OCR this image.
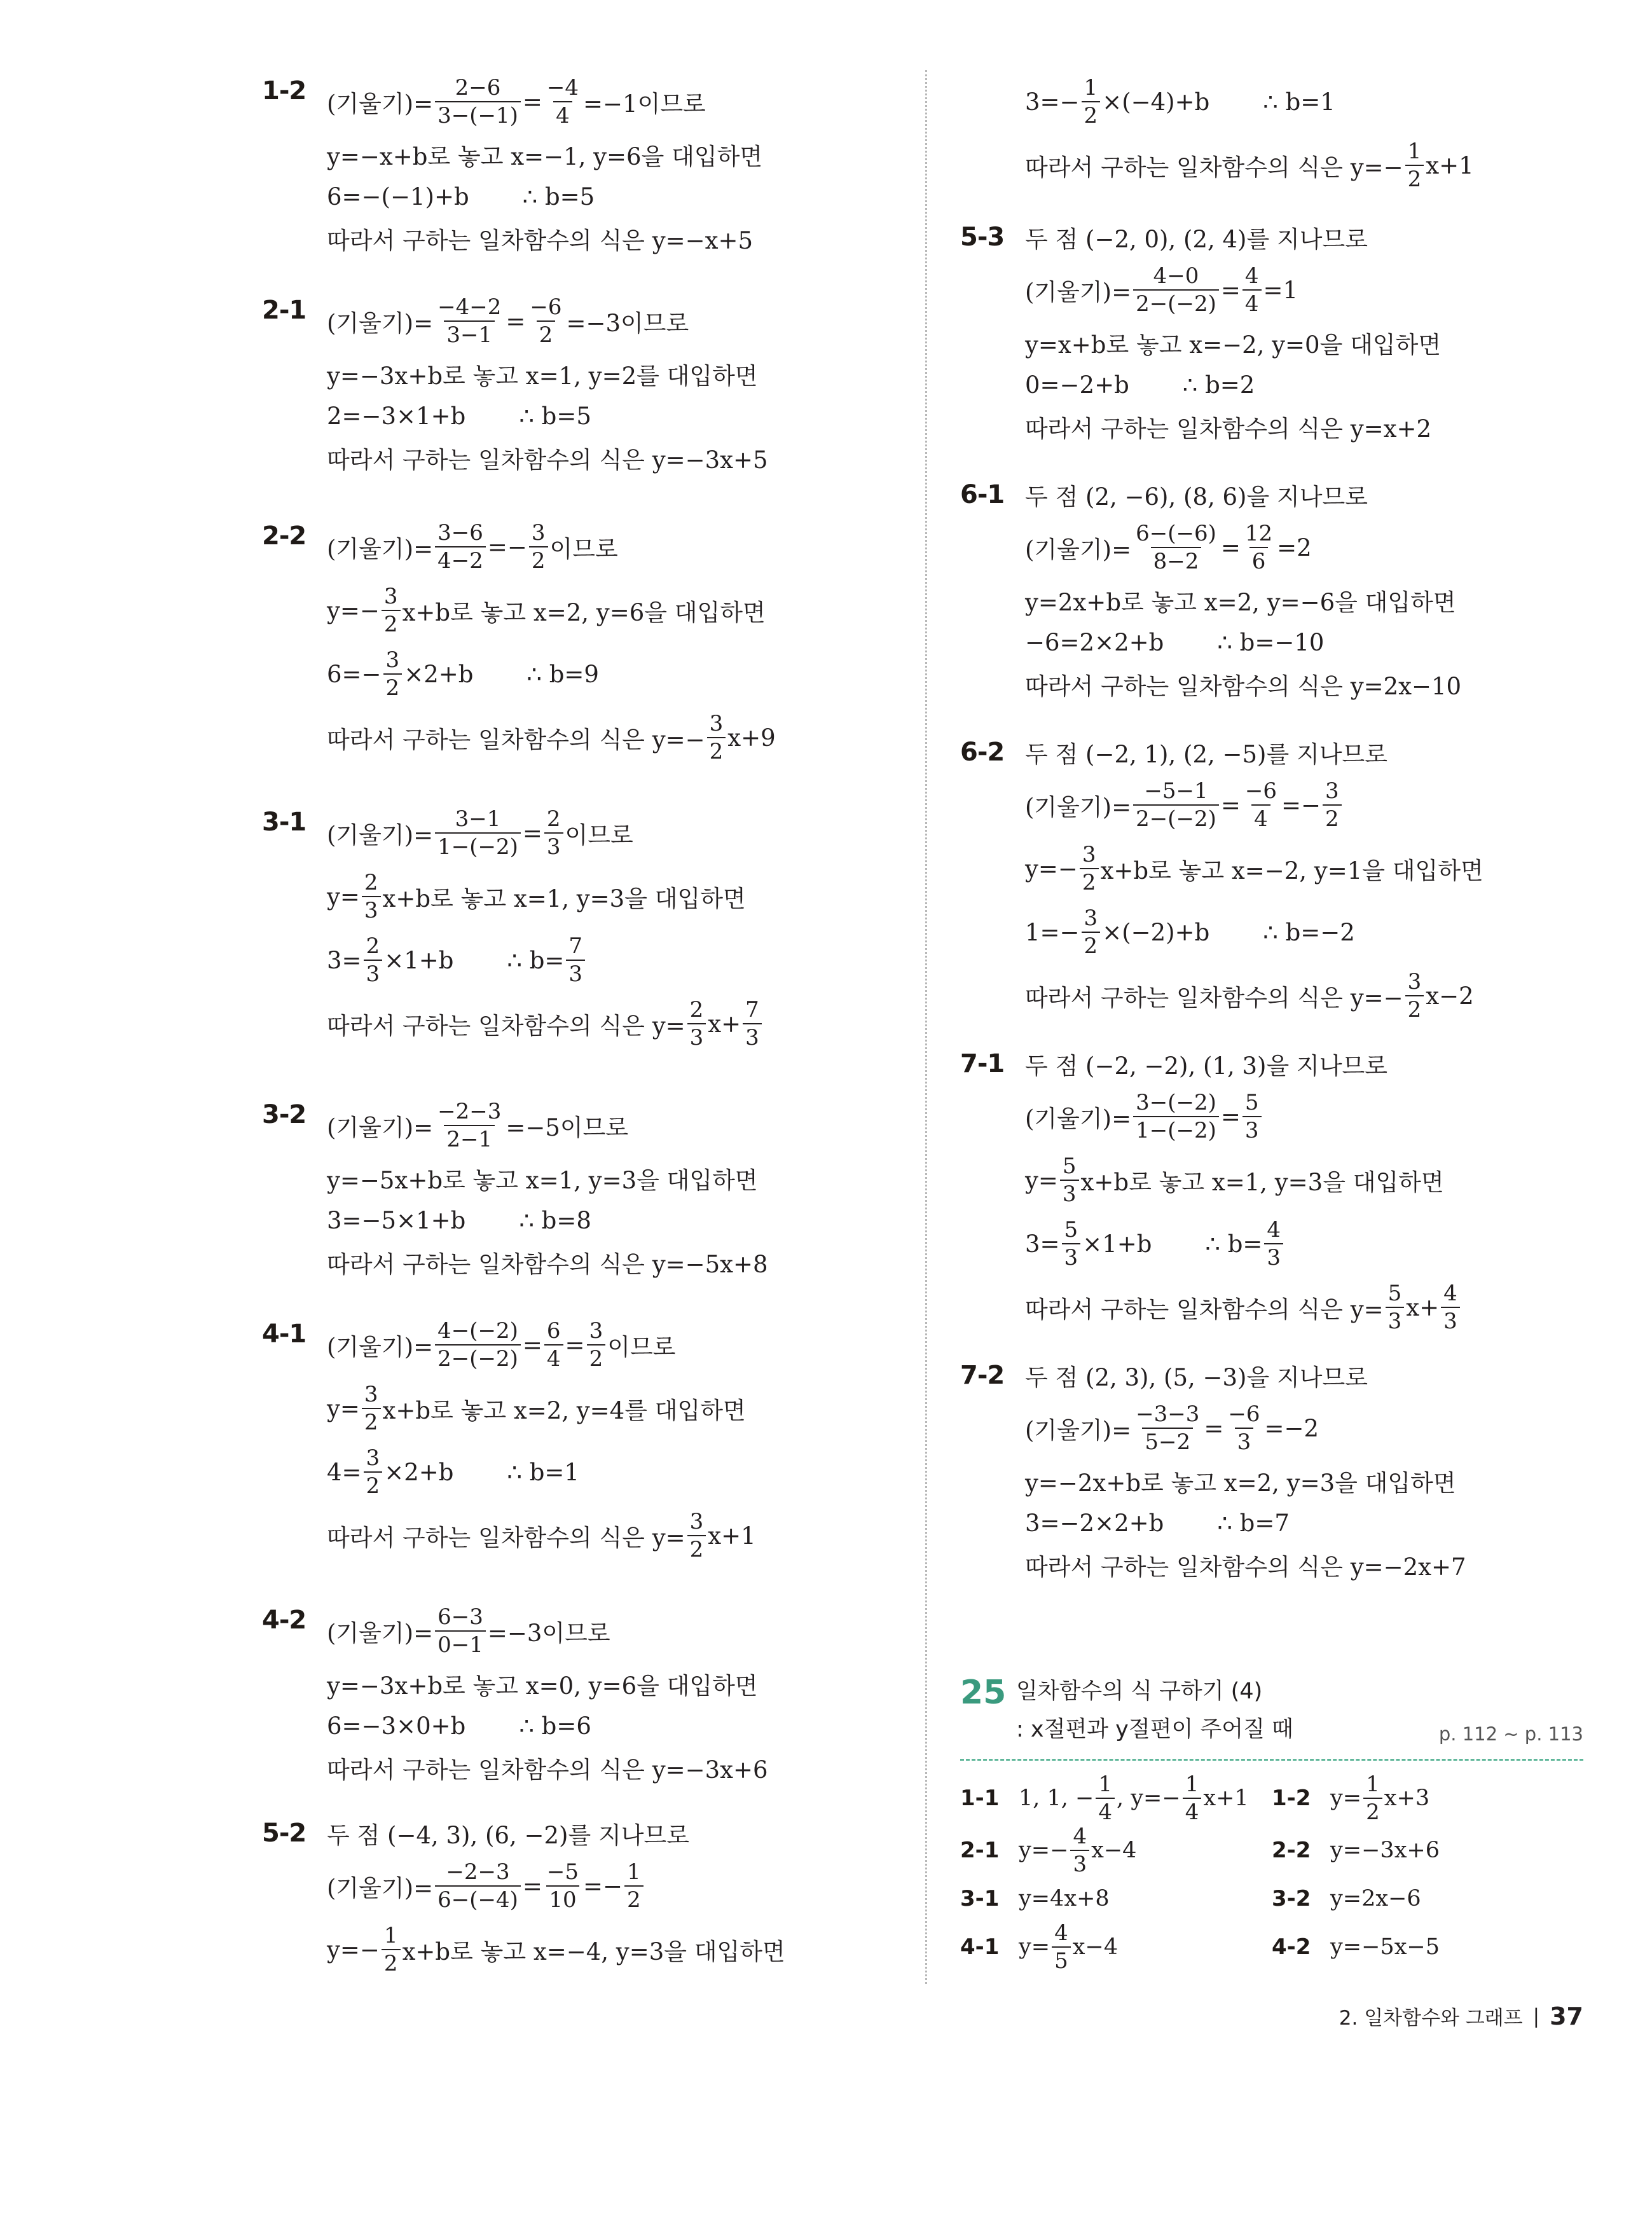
1-2 (기울기)= $\frac{2-6}{3-(-1)} = \frac{-4}{4} =-1$이므로
y=−x+b로 놓고 x=−1, y=6을 대입하면
6=−(−1)+b ∴ b=5
따라서 구하는 일차함수의 식은 y=−x+5
2-1 (기울기)= $\frac{-4-2}{3-1} = \frac{-6}{2} =-3$이므로
y=−3x+b로 놓고 x=1, y=2를 대입하면
2=−3×1+b ∴ b=5
따라서 구하는 일차함수의 식은 y=−3x+5
2-2 (기울기)= $\frac{3-6}{4-2} =- \frac{3}{2}$ 이므로
$y=- \frac{3}{2} x+b$로 놓고 x=2, y=6을 대입하면
$6=- \frac{3}{2} \times 2+b$ ∴ b=9
따라서 구하는 일차함수의 식은 $y=- \frac{3}{2} x+9$
3-1 (기울기)= $\frac{3-1}{1-(-2)} = \frac{2}{3}$ 이므로
$y= \frac{2}{3} x+b$로 놓고 x=1, y=3을 대입하면
$3= \frac{2}{3} \times 1+b$ ∴ $b= \frac{7}{3}$
따라서 구하는 일차함수의 식은 $y= \frac{2}{3} x+ \frac{7}{3}$
3-2 (기울기)= $\frac{-2-3}{2-1} =-5$이므로
y=−5x+b로 놓고 x=1, y=3을 대입하면
3=−5×1+b ∴ b=8
따라서 구하는 일차함수의 식은 y=−5x+8
4-1 (기울기)= $\frac{4-(-2)}{2-(-2)} = \frac{6}{4} = \frac{3}{2}$ 이므로
$y= \frac{3}{2} x+b$로 놓고 x=2, y=4를 대입하면
$4= \frac{3}{2} \times 2+b$ ∴ b=1
따라서 구하는 일차함수의 식은 $y= \frac{3}{2} x+1$
4-2 (기울기)= $\frac{6-3}{0-1} =-3$이므로
y=−3x+b로 놓고 x=0, y=6을 대입하면
6=−3×0+b ∴ b=6
따라서 구하는 일차함수의 식은 y=−3x+6
5-2 두 점 (−4, 3), (6, −2)를 지나므로
(기울기)= $\frac{-2-3}{6-(-4)} = \frac{-5}{10} =- \frac{1}{2}$
$y=- \frac{1}{2} x+b$로 놓고 x=−4, y=3을 대입하면
$3=- \frac{1}{2} \times(-4)+b$ ∴ b=1
따라서 구하는 일차함수의 식은 $y=- \frac{1}{2} x+1$
5-3 두 점 (−2, 0), (2, 4)를 지나므로
(기울기)= $\frac{4-0}{2-(-2)} = \frac{4}{4} =1$
y=x+b로 놓고 x=−2, y=0을 대입하면
0=−2+b ∴ b=2
따라서 구하는 일차함수의 식은 y=x+2
6-1 두 점 (2, −6), (8, 6)을 지나므로
(기울기)= $\frac{6-(-6)}{8-2} = \frac{12}{6} =2$
y=2x+b로 놓고 x=2, y=−6을 대입하면
−6=2×2+b ∴ b=−10
따라서 구하는 일차함수의 식은 y=2x−10
6-2 두 점 (−2, 1), (2, −5)를 지나므로
(기울기)= $\frac{-5-1}{2-(-2)} = \frac{-6}{4} =- \frac{3}{2}$
$y=- \frac{3}{2} x+b$로 놓고 x=−2, y=1을 대입하면
$1=- \frac{3}{2} \times(-2)+b$ ∴ b=−2
따라서 구하는 일차함수의 식은 $y=- \frac{3}{2} x-2$
7-1 두 점 (−2, −2), (1, 3)을 지나므로
(기울기)= $\frac{3-(-2)}{1-(-2)} = \frac{5}{3}$
$y= \frac{5}{3} x+b$로 놓고 x=1, y=3을 대입하면
$3= \frac{5}{3} \times 1+b$ ∴ $b= \frac{4}{3}$
따라서 구하는 일차함수의 식은 $y= \frac{5}{3} x+ \frac{4}{3}$
7-2 두 점 (2, 3), (5, −3)을 지나므로
(기울기)= $\frac{-3-3}{5-2} = \frac{-6}{3} =-2$
y=−2x+b로 놓고 x=2, y=3을 대입하면
3=−2×2+b ∴ b=7
따라서 구하는 일차함수의 식은 y=−2x+7
25 일차함수의 식 구하기 (4)
: x절편과 y절편이 주어질 때	p. 112 ~ p. 113
1-1 1, 1, − $\frac{1}{4}$ , $y=- \frac{1}{4} x+1$ 1-2 $y= \frac{1}{2} x+3$
2-1 $y=- \frac{4}{3} x-4$	2-2 y=−3x+6
3-1 y=4x+8	3-2 y=2x−6
4-1 $y= \frac{4}{5} x-4$	4-2 y=−5x−5
2. 일차함수와 그래프 | 37
